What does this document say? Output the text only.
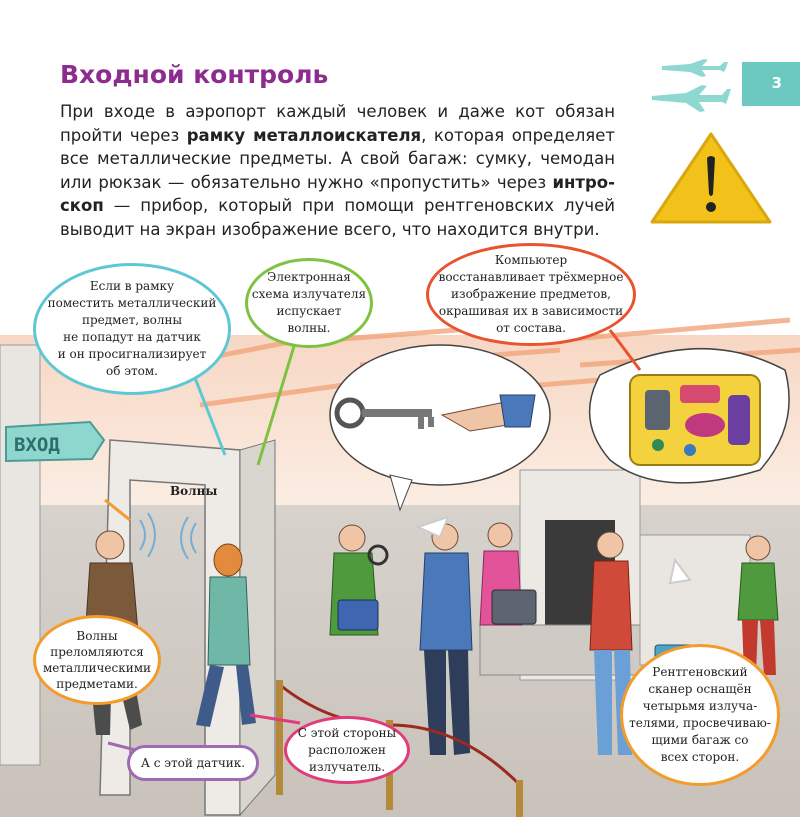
Входной контроль

При входе в аэропорт каждый человек и даже кот обязан пройти через рамку металлоискателя, которая определяет все металлические предметы. А свой багаж: сумку, чемодан или рюкзак — обязательно нужно «пропустить» через интроскоп — прибор, который при помощи рентгеновских лучей выводит на экран изображение всего, что находится внутри.

3
ВХОД
Волны
Если в рамку
поместить металлический
предмет, волны
не попадут на датчик
и он просигнализирует
об этом.
Электронная
схема излучателя
испускает
волны.
Компьютер
восстанавливает трёхмерное
изображение предметов,
окрашивая их в зависимости
от состава.
Волны
преломляются
металлическими
предметами.
А с этой датчик.
С этой стороны
расположен
излучатель.
Рентгеновский
сканер оснащён
четырьмя излуча-
телями, просвечиваю-
щими багаж со
всех сторон.
